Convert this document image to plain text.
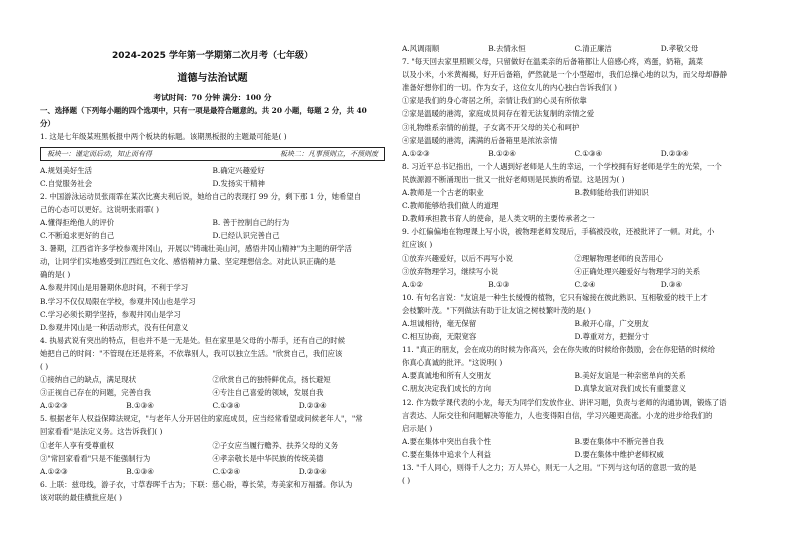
2024-2025 学年第一学期第二次月考（七年级）
道德与法治试题
考试时间：70 分钟 满分：100 分
一、选择题（下列每小题的四个选项中，只有一项是最符合题意的。共 20 小题，每题 2 分，共 40
分）
1. 这是七年级某班黑板报中两个板块的标题。该期黑板报的主题最可能是( )
板块一：谨定而后动，知止而有得	板块二：凡事预则立，不预则废
A.规划美好生活	B.确定兴趣爱好
C.自觉服务社会	D.发扬实干精神
2. 中国游泳运动员张雨霏在某次比赛夫利后说，她给自己的表现打 99 分，剩下那 1 分，她希望自
己的心态可以更好。这说明张雨霏( )
A.懂得拒绝他人的评价	B. 善于控制自己的行为
C.不断追求更好的自己	D.已经认识完善自己
3. 暑期，江西省许多学校参观井冈山，开展以"铸魂壮美山河，感悟井冈山精神"为主题的研学活
动，让同学们实地感受到江西红色文化、感悟精神力量、坚定理想信念。对此认识正确的是
确的是( )
A.参观井冈山是用暑期休息时间，不利于学习
B.学习不仅仅局限在学校，参观井冈山也是学习
C.学习必须长期学坚持，参观井冈山是学习
D.参观井冈山是一种活动形式，没有任何意义
4. 执易武说有突出的特点，但也并不是一无是处。但在家里是父母的小帮手，还有自己的时候
她把自己的时间："不管现在还是将来，不依靠别人，我可以独立生活。"欣赏自己，我们应该
( )
①接纳自己的缺点，满足现状	②欣赏自己的独特鲜优点，扬长避短
③正视自己存在的问题，完善自我	④专注自己喜爱的领域，发展自我
A.①②③	B.①③④	C.①③④	D.②③④
5. 根据老年人权益保障法规定，"与老年人分开居住的家庭成员，应当经常看望或问候老年人"，"常
回家看看"是法定义务。这告诉我们( )
①老年人享有受尊重权	②子女应当履行赡养、扶养父母的义务
③"常回家看看"只是不能强制行为	④孝亲敬长是中华民族的传统美德
A.①②③	B.①③④	C.①②④	D.②③④
6. 上联：兹母线，游子衣，寸草春晖千古为；下联：慈心盼，尊长荣，寿美家和万福播。你认为
该对联的最佳横批应是( )
A.风调雨顺	B.去情永恒	C.清正廉洁	D.孝敬父母
7. "每天回去家里照顾父母，只留做好在温柔亲的后备箱都让人倍感心疼，鸡蛋，奶箱，蔬菜
以及小米，小米黄褐褐，好开后备箱，俨然就是一个小型超市，我们总操心地的以为，而父母却静静
准备好想你们的一切。作为女子，这位女儿的内心独白告诉我们( )
①家是我们的身心寄居之所，亲情让我们的心灵有所依靠
②家是温暖的港湾，家庭成员间存在着无法复制的亲情之爱
③礼物维系亲情的前提，子女离不开父母的关心和呵护
④家是温暖的港湾，满满的后备箱里是浓浓亲情
A.①②③	B.①②④	C.①③④	D.②③④
8. 习近平总书记指出，一个人遇到好老师是人生的幸运，一个学校拥有好老师是学生的光荣，一个
民族源源不断涌现出一批又一批好老师则是民族的希望。这是因为( )
A.教师是一个古老的职业	B.教师能给我们讲知识
C.教师能够给我们做人的道理
D.教师承担教书育人的使命，是人类文明的主要传承者之一
9. 小红偏偏地在物理课上写小说，被物理老师发现后，手稿被没收，还被批评了一顿。对此，小
红应该( )
①放弃兴趣爱好，以后不再写小说	②理解物理老师的良苦用心
③放弃物理学习，继续写小说	④正确处理兴趣爱好与物理学习的关系
A.①②	B.①③	C.②④	D.③④
10. 有句名言说："友谊是一种生长缓慢的植物，它只有嫁接在彼此熟识、互相敬爱的枝干上才
会枝繁叶茂。"下列做法有助于让友谊之树枝繁叶茂的是( )
A.坦诚相待，毫无保留	B.敞开心扉，广交朋友
C.相互协商，无限宽容	D.尊重对方，把握分寸
11. "真正的朋友，会在成功的时候为你高兴，会在你失败的时候给你鼓励，会在你犯错的时候给
你真心真诚的批评。"这说明( )
A.要真诚地和所有人交朋友	B.美好友谊是一种亲密单向的关系
C.朋友决定我们成长的方向	D.真挚友谊对我们成长有重要意义
12. 作为数学课代表的小龙，每天为同学们发放作业、讲评习题，负责与老师的沟通协调，锻炼了语
言表达、人际交往和问题解决等能力，人也变得阳自信，学习兴趣更高涨。小龙的进步给我们的
启示是( )
A.要在集体中突出自我个性	B.要在集体中不断完善自我
C.要在集体中追求个人利益	D.要在集体中维护老师权威
13. "千人同心，则得千人之力；万人异心，则无一人之用。"下列与这句话的意思一致的是
( )
